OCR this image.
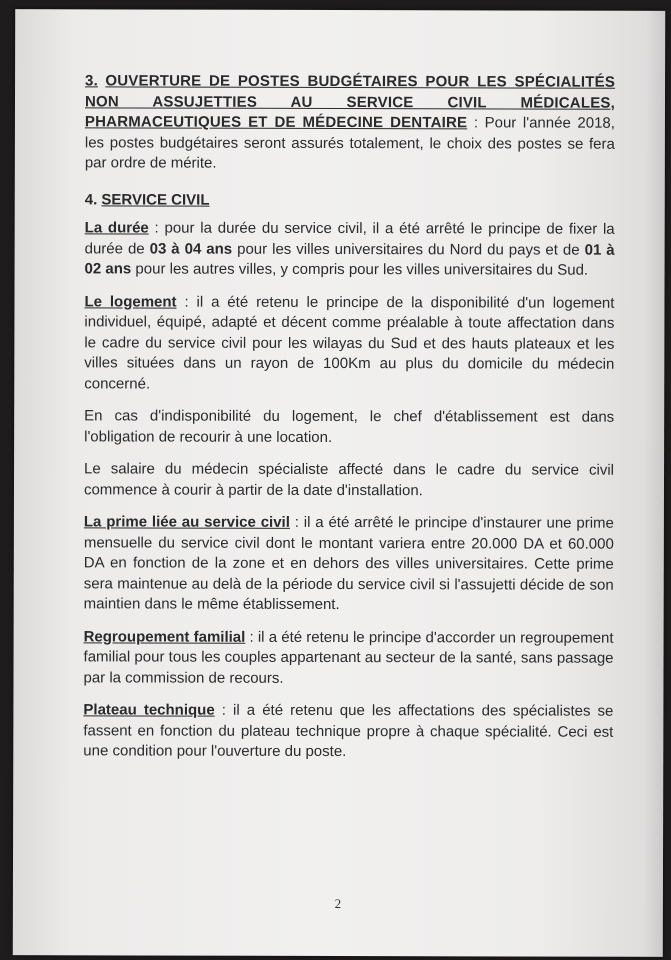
3. OUVERTURE DE POSTES BUDGÉTAIRES POUR LES SPÉCIALITÉS NON ASSUJETTIES AU SERVICE CIVIL MÉDICALES, PHARMACEUTIQUES ET DE MÉDECINE DENTAIRE : Pour l'année 2018, les postes budgétaires seront assurés totalement, le choix des postes se fera par ordre de mérite.

4. SERVICE CIVIL

La durée : pour la durée du service civil, il a été arrêté le principe de fixer la durée de 03 à 04 ans pour les villes universitaires du Nord du pays et de 01 à 02 ans pour les autres villes, y compris pour les villes universitaires du Sud.

Le logement : il a été retenu le principe de la disponibilité d'un logement individuel, équipé, adapté et décent comme préalable à toute affectation dans le cadre du service civil pour les wilayas du Sud et des hauts plateaux et les villes situées dans un rayon de 100Km au plus du domicile du médecin concerné.

En cas d'indisponibilité du logement, le chef d'établissement est dans l'obligation de recourir à une location.

Le salaire du médecin spécialiste affecté dans le cadre du service civil commence à courir à partir de la date d'installation.

La prime liée au service civil : il a été arrêté le principe d'instaurer une prime mensuelle du service civil dont le montant variera entre 20.000 DA et 60.000 DA en fonction de la zone et en dehors des villes universitaires. Cette prime sera maintenue au delà de la période du service civil si l'assujetti décide de son maintien dans le même établissement.

Regroupement familial : il a été retenu le principe d'accorder un regroupement familial pour tous les couples appartenant au secteur de la santé, sans passage par la commission de recours.

Plateau technique : il a été retenu que les affectations des spécialistes se fassent en fonction du plateau technique propre à chaque spécialité. Ceci est une condition pour l'ouverture du poste.

2
